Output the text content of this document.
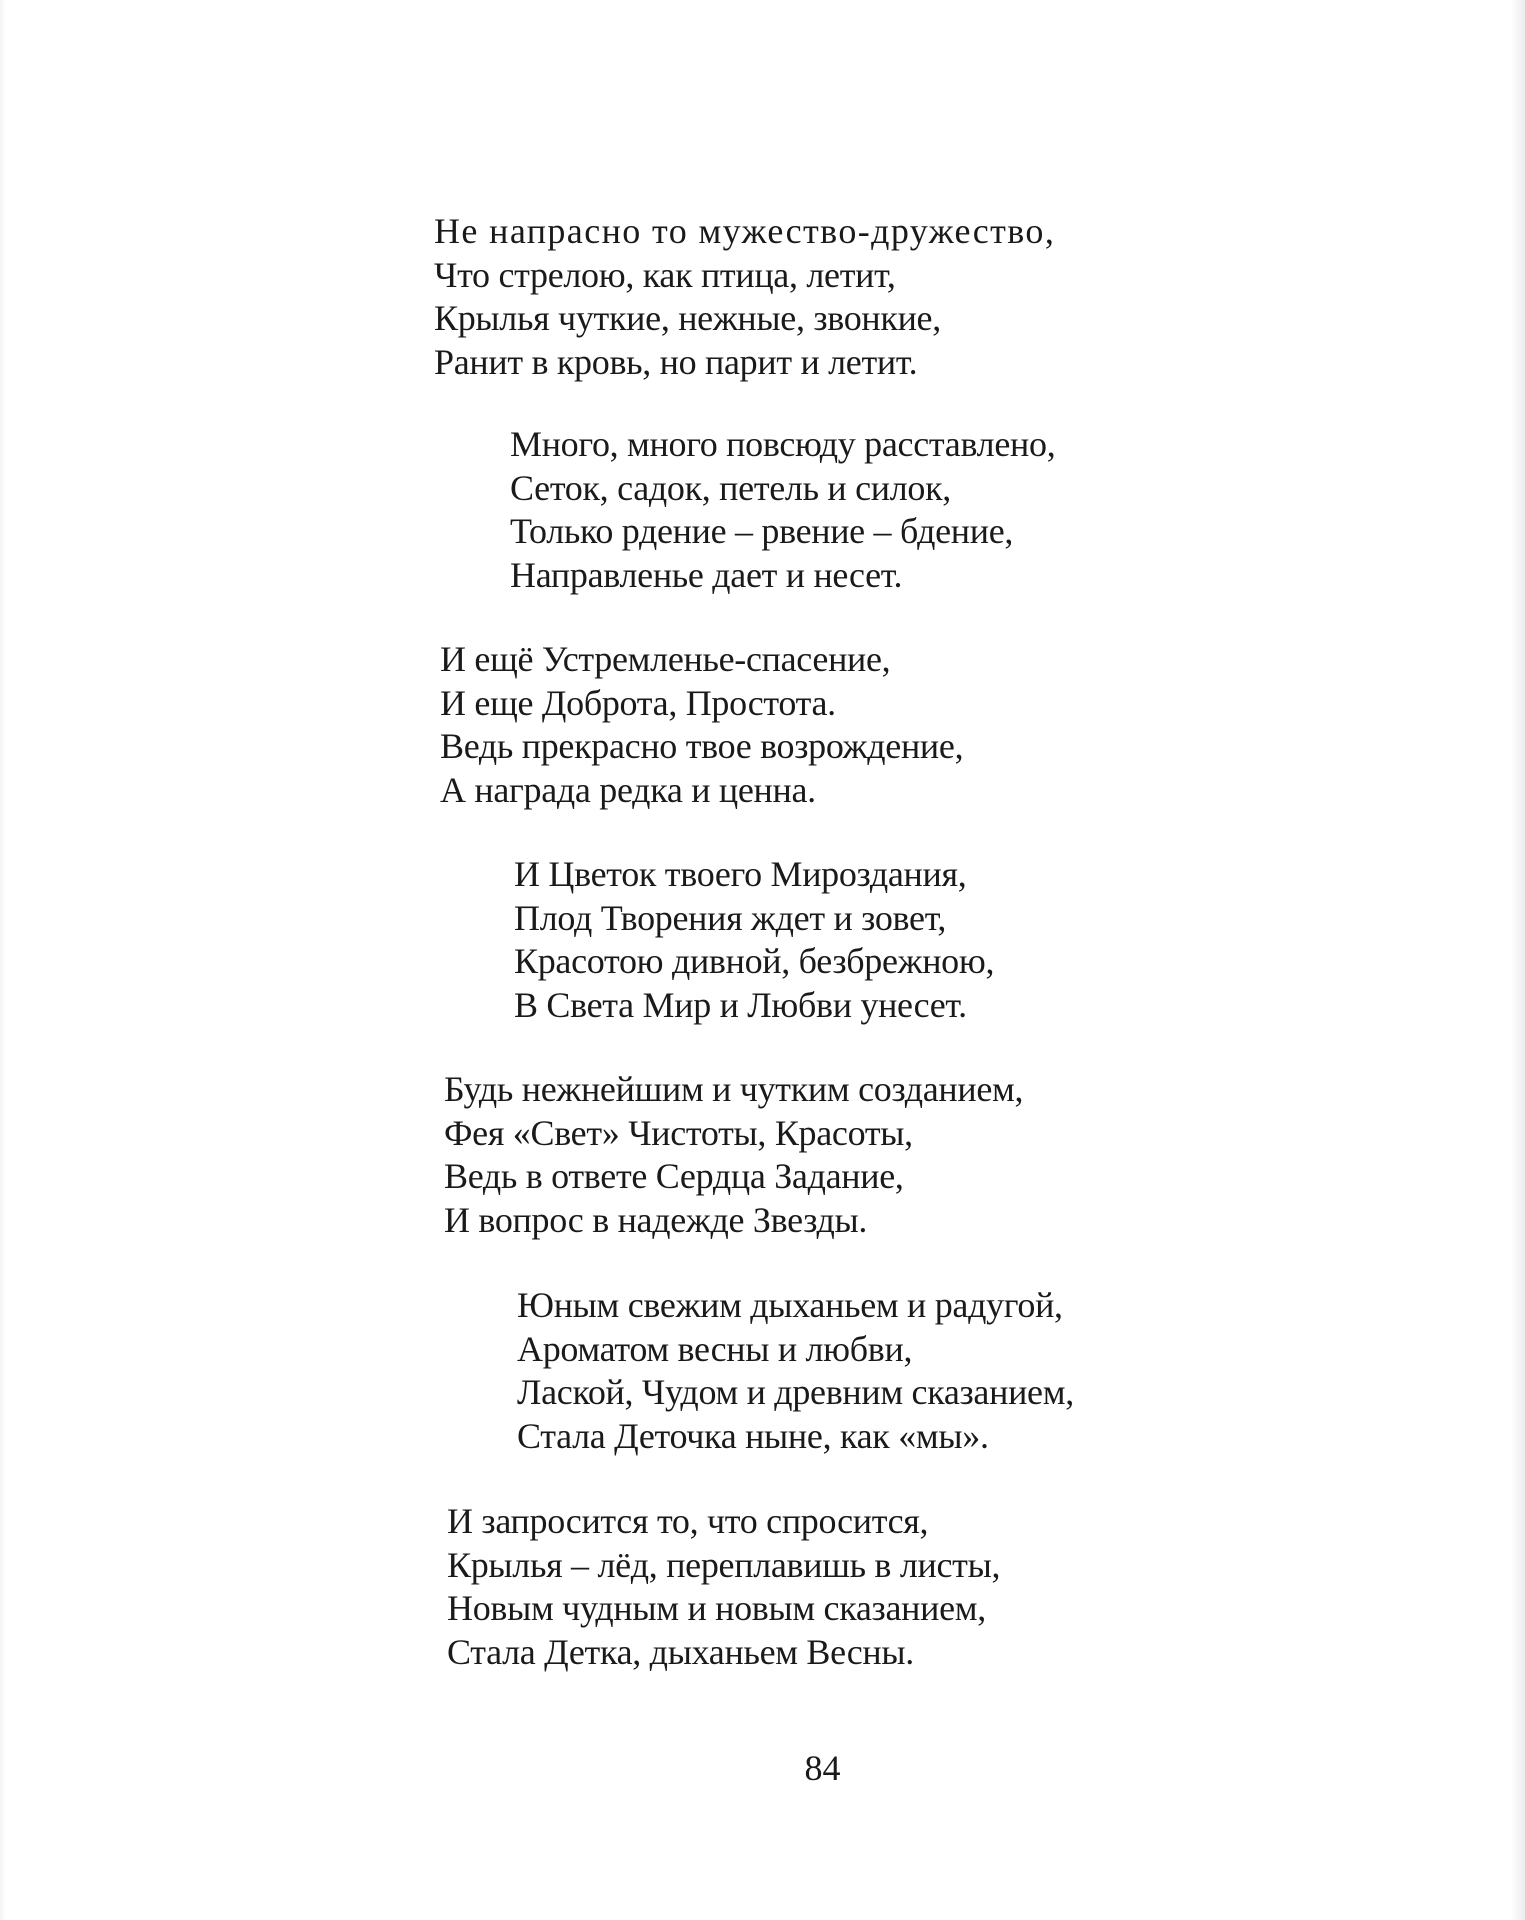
Не напрасно то мужество-дружество,
Что стрелою, как птица, летит,
Крылья чуткие, нежные, звонкие,
Ранит в кровь, но парит и летит.
Много, много повсюду расставлено,
Сеток, садок, петель и силок,
Только рдение – рвение – бдение,
Направленье дает и несет.
И ещё Устремленье-спасение,
И еще Доброта, Простота.
Ведь прекрасно твое возрождение,
А награда редка и ценна.
И Цветок твоего Мироздания,
Плод Творения ждет и зовет,
Красотою дивной, безбрежною,
В Света Мир и Любви унесет.
Будь нежнейшим и чутким созданием,
Фея «Свет» Чистоты, Красоты,
Ведь в ответе Сердца Задание,
И вопрос в надежде Звезды.
Юным свежим дыханьем и радугой,
Ароматом весны и любви,
Лаской, Чудом и древним сказанием,
Стала Деточка ныне, как «мы».
И запросится то, что спросится,
Крылья – лёд, переплавишь в листы,
Новым чудным и новым сказанием,
Стала Детка, дыханьем Весны.
84
